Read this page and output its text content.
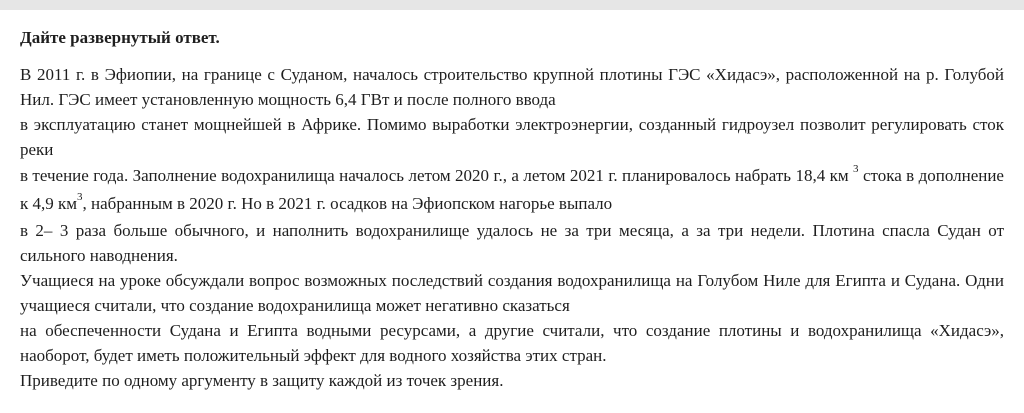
Дайте развернутый ответ.

В 2011 г. в Эфиопии, на границе с Суданом, началось строительство крупной плотины ГЭС «Хидасэ», расположенной на р. Голубой Нил. ГЭС имеет установленную мощность 6,4 ГВт и после полного ввода

в эксплуатацию станет мощнейшей в Африке. Помимо выработки электроэнергии, созданный гидроузел позволит регулировать сток реки

в течение года. Заполнение водохранилища началось летом 2020 г., а летом 2021 г. планировалось набрать 18,4 км $^3$ стока в дополнение к 4,9 $км^3$, набранным в 2020 г. Но в 2021 г. осадков на Эфиопском нагорье выпало

в 2– 3 раза больше обычного, и наполнить водохранилище удалось не за три месяца, а за три недели. Плотина спасла Судан от сильного наводнения.

Учащиеся на уроке обсуждали вопрос возможных последствий создания водохранилища на Голубом Ниле для Египта и Судана. Одни учащиеся считали, что создание водохранилища может негативно сказаться

на обеспеченности Судана и Египта водными ресурсами, а другие считали, что создание плотины и водохранилища «Хидасэ», наоборот, будет иметь положительный эффект для водного хозяйства этих стран.

Приведите по одному аргументу в защиту каждой из точек зрения.
